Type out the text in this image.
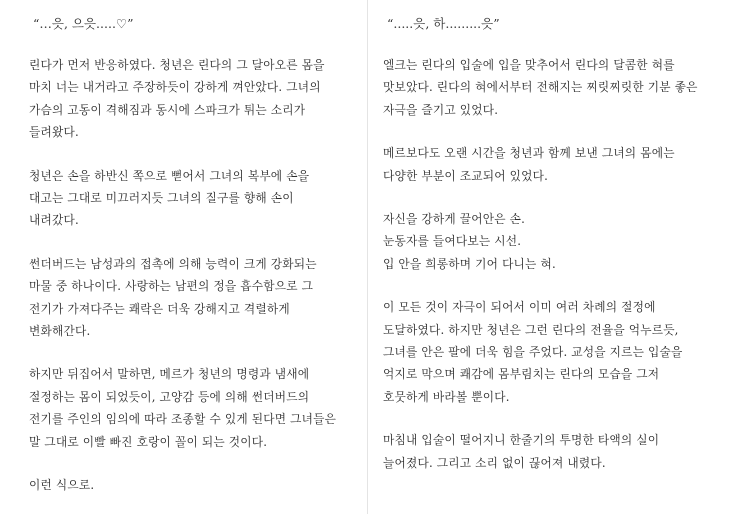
“…읏, 으읏.....♡”
린다가 먼저 반응하였다. 청년은 린다의 그 달아오른 몸을
마치 너는 내거라고 주장하듯이 강하게 껴안았다. 그녀의
가슴의 고동이 격해짐과 동시에 스파크가 튀는 소리가
들려왔다.
청년은 손을 하반신 쪽으로 뻗어서 그녀의 복부에 손을
대고는 그대로 미끄러지듯 그녀의 질구를 향해 손이
내려갔다.
썬더버드는 남성과의 접촉에 의해 능력이 크게 강화되는
마물 중 하나이다. 사랑하는 남편의 정을 흡수함으로 그
전기가 가져다주는 쾌락은 더욱 강해지고 격렬하게
변화해간다.
하지만 뒤집어서 말하면, 메르가 청년의 명령과 냄새에
절정하는 몸이 되었듯이, 고양감 등에 의해 썬더버드의
전기를 주인의 임의에 따라 조종할 수 있게 된다면 그녀들은
말 그대로 이빨 빠진 호랑이 꼴이 되는 것이다.
이런 식으로.
“.....읏, 하.........읏”
엘크는 린다의 입술에 입을 맞추어서 린다의 달콤한 혀를
맛보았다. 린다의 혀에서부터 전해지는 찌릿찌릿한 기분 좋은
자극을 즐기고 있었다.
메르보다도 오랜 시간을 청년과 함께 보낸 그녀의 몸에는
다양한 부분이 조교되어 있었다.
자신을 강하게 끌어안은 손.
눈동자를 들여다보는 시선.
입 안을 희롱하며 기어 다니는 혀.
이 모든 것이 자극이 되어서 이미 여러 차례의 절정에
도달하였다. 하지만 청년은 그런 린다의 전율을 억누르듯,
그녀를 안은 팔에 더욱 힘을 주었다. 교성을 지르는 입술을
억지로 막으며 쾌감에 몸부림치는 린다의 모습을 그저
호뭇하게 바라볼 뿐이다.
마침내 입술이 떨어지니 한줄기의 투명한 타액의 실이
늘어졌다. 그리고 소리 없이 끊어져 내렸다.
